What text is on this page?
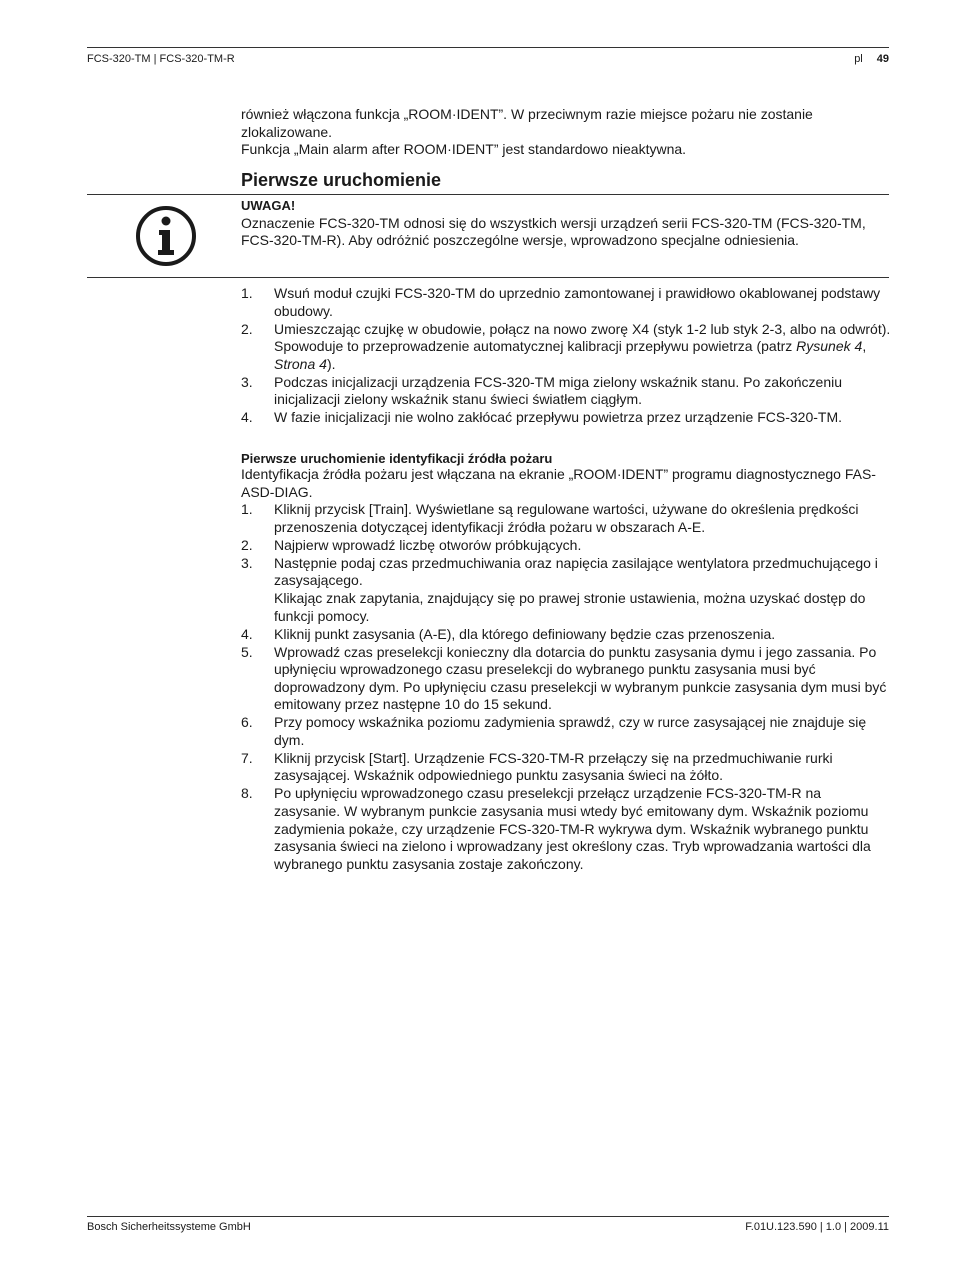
FCS-320-TM | FCS-320-TM-R	pl 49

również włączona funkcja „ROOM·IDENT”. W przeciwnym razie miejsce pożaru nie zostanie zlokalizowane.

Funkcja „Main alarm after ROOM·IDENT” jest standardowo nieaktywna.

Pierwsze uruchomienie

UWAGA!

Oznaczenie FCS-320-TM odnosi się do wszystkich wersji urządzeń serii FCS-320-TM (FCS-320-TM, FCS-320-TM-R). Aby odróżnić poszczególne wersje, wprowadzono specjalne odniesienia.

1. Wsuń moduł czujki FCS-320-TM do uprzednio zamontowanej i prawidłowo okablowanej podstawy obudowy.
2. Umieszczając czujkę w obudowie, połącz na nowo zworę X4 (styk 1-2 lub styk 2-3, albo na odwrót). Spowoduje to przeprowadzenie automatycznej kalibracji przepływu powietrza (patrz Rysunek 4, Strona 4).
3. Podczas inicjalizacji urządzenia FCS-320-TM miga zielony wskaźnik stanu. Po zakończeniu inicjalizacji zielony wskaźnik stanu świeci światłem ciągłym.
4. W fazie inicjalizacji nie wolno zakłócać przepływu powietrza przez urządzenie FCS-320-TM.

Pierwsze uruchomienie identyfikacji źródła pożaru

Identyfikacja źródła pożaru jest włączana na ekranie „ROOM·IDENT” programu diagnostycznego FAS-ASD-DIAG.

1. Kliknij przycisk [Train]. Wyświetlane są regulowane wartości, używane do określenia prędkości przenoszenia dotyczącej identyfikacji źródła pożaru w obszarach A-E.
2. Najpierw wprowadź liczbę otworów próbkujących.
3. Następnie podaj czas przedmuchiwania oraz napięcia zasilające wentylatora przedmuchującego i zasysającego.
Klikając znak zapytania, znajdujący się po prawej stronie ustawienia, można uzyskać dostęp do funkcji pomocy.
4. Kliknij punkt zasysania (A-E), dla którego definiowany będzie czas przenoszenia.
5. Wprowadź czas preselekcji konieczny dla dotarcia do punktu zasysania dymu i jego zassania. Po upłynięciu wprowadzonego czasu preselekcji do wybranego punktu zasysania musi być doprowadzony dym. Po upłynięciu czasu preselekcji w wybranym punkcie zasysania dym musi być emitowany przez następne 10 do 15 sekund.
6. Przy pomocy wskaźnika poziomu zadymienia sprawdź, czy w rurce zasysającej nie znajduje się dym.
7. Kliknij przycisk [Start]. Urządzenie FCS-320-TM-R przełączy się na przedmuchiwanie rurki zasysającej. Wskaźnik odpowiedniego punktu zasysania świeci na żółto.
8. Po upłynięciu wprowadzonego czasu preselekcji przełącz urządzenie FCS-320-TM-R na zasysanie. W wybranym punkcie zasysania musi wtedy być emitowany dym. Wskaźnik poziomu zadymienia pokaże, czy urządzenie FCS-320-TM-R wykrywa dym. Wskaźnik wybranego punktu zasysania świeci na zielono i wprowadzany jest określony czas. Tryb wprowadzania wartości dla wybranego punktu zasysania zostaje zakończony.
Bosch Sicherheitssysteme GmbH	F.01U.123.590 | 1.0 | 2009.11
